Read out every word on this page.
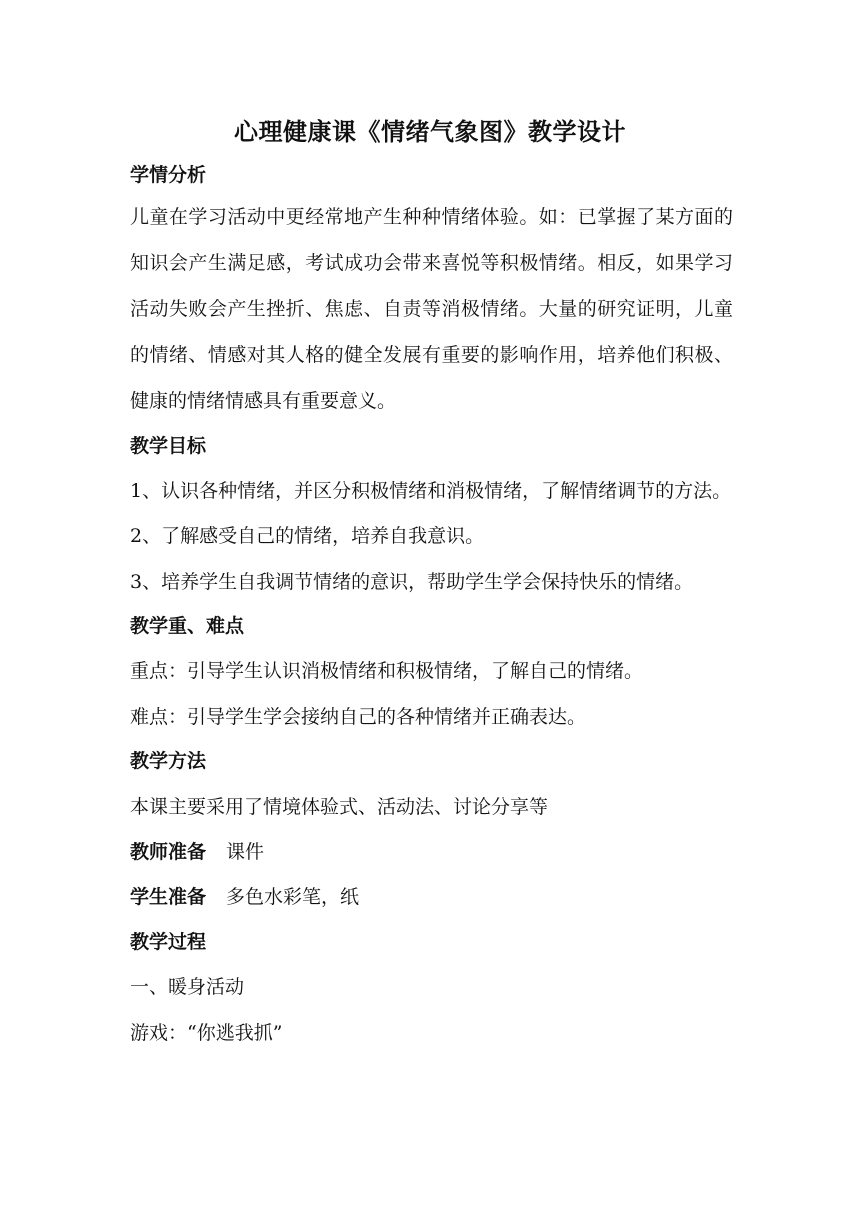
心理健康课《情绪气象图》教学设计
学情分析
儿童在学习活动中更经常地产生种种情绪体验。如：已掌握了某方面的知识会产生满足感，考试成功会带来喜悦等积极情绪。相反，如果学习活动失败会产生挫折、焦虑、自责等消极情绪。大量的研究证明，儿童的情绪、情感对其人格的健全发展有重要的影响作用，培养他们积极、健康的情绪情感具有重要意义。
教学目标
1、认识各种情绪，并区分积极情绪和消极情绪，了解情绪调节的方法。
2、了解感受自己的情绪，培养自我意识。
3、培养学生自我调节情绪的意识，帮助学生学会保持快乐的情绪。
教学重、难点
重点：引导学生认识消极情绪和积极情绪，了解自己的情绪。
难点：引导学生学会接纳自己的各种情绪并正确表达。
教学方法
本课主要采用了情境体验式、活动法、讨论分享等
教师准备 课件
学生准备 多色水彩笔，纸
教学过程
一、暖身活动
游戏：“你逃我抓”
